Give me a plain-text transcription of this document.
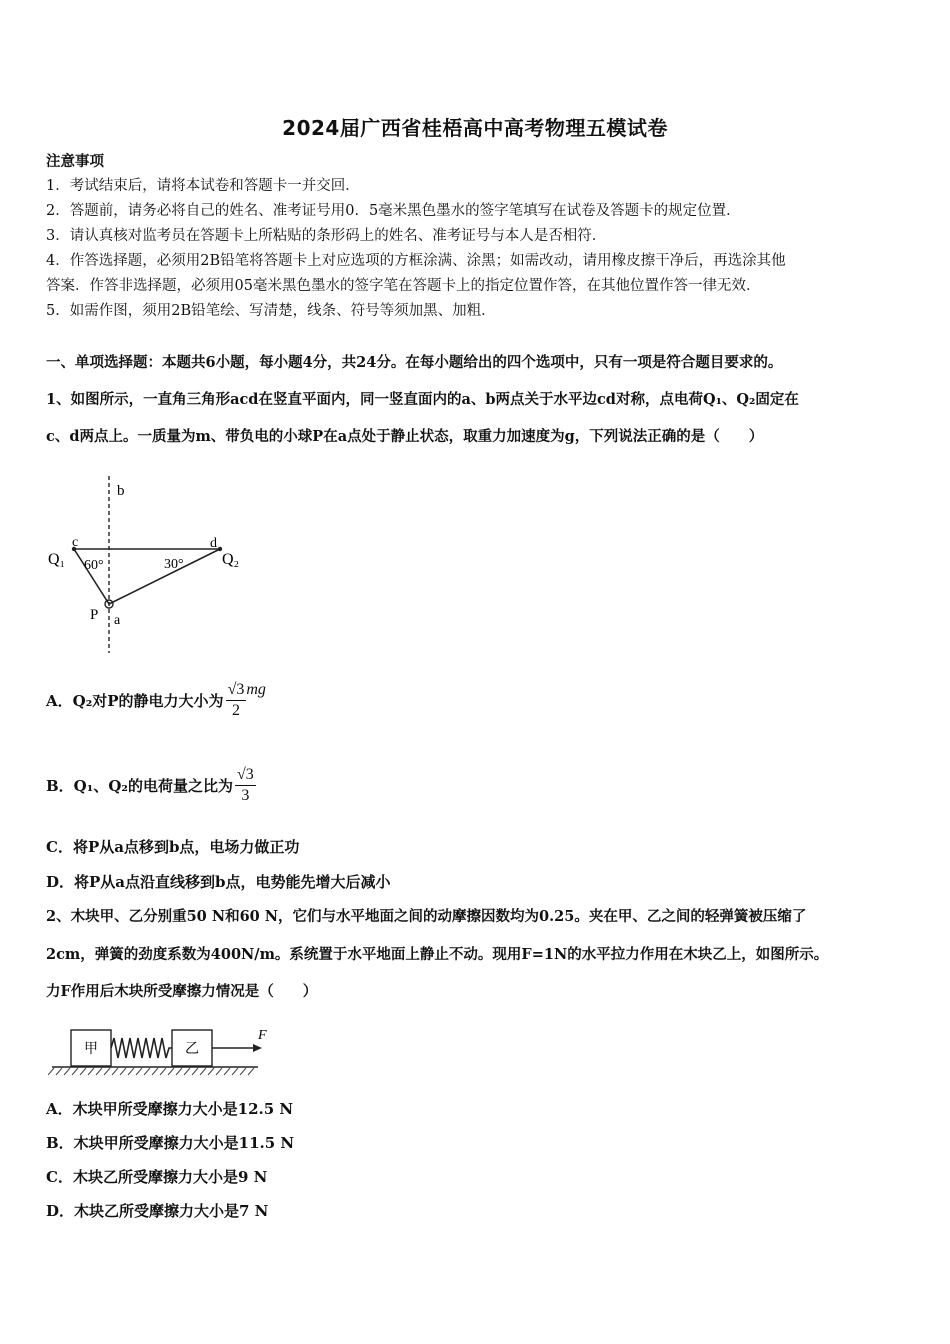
2024届广西省桂梧高中高考物理五模试卷
注意事项
1．考试结束后，请将本试卷和答题卡一并交回．
2．答题前，请务必将自己的姓名、准考证号用0．5毫米黑色墨水的签字笔填写在试卷及答题卡的规定位置．
3．请认真核对监考员在答题卡上所粘贴的条形码上的姓名、准考证号与本人是否相符．
4．作答选择题，必须用2B铅笔将答题卡上对应选项的方框涂满、涂黑；如需改动，请用橡皮擦干净后，再选涂其他
答案．作答非选择题，必须用05毫米黑色墨水的签字笔在答题卡上的指定位置作答，在其他位置作答一律无效．
5．如需作图，须用2B铅笔绘、写清楚，线条、符号等须加黑、加粗．
一、单项选择题：本题共6小题，每小题4分，共24分。在每小题给出的四个选项中，只有一项是符合题目要求的。
1、如图所示，一直角三角形acd在竖直平面内，同一竖直面内的a、b两点关于水平边cd对称，点电荷Q₁、Q₂固定在
c、d两点上。一质量为m、带负电的小球P在a点处于静止状态，取重力加速度为g，下列说法正确的是（　　）
b
c	d
Q₁	Q₂
60°	30°
P a
A．Q₂对P的静电力大小为 $\frac{√3}{2}$ mg
B．Q₁、Q₂的电荷量之比为 $\frac{√3}{3}$
C．将P从a点移到b点，电场力做正功
D．将P从a点沿直线移到b点，电势能先增大后减小
2、木块甲、乙分别重50 N和60 N，它们与水平地面之间的动摩擦因数均为0.25。夹在甲、乙之间的轻弹簧被压缩了
2cm，弹簧的劲度系数为400N/m。系统置于水平地面上静止不动。现用F=1N的水平拉力作用在木块乙上，如图所示。
力F作用后木块所受摩擦力情况是（　　）
甲	乙
F
A．木块甲所受摩擦力大小是12.5 N
B．木块甲所受摩擦力大小是11.5 N
C．木块乙所受摩擦力大小是9 N
D．木块乙所受摩擦力大小是7 N
